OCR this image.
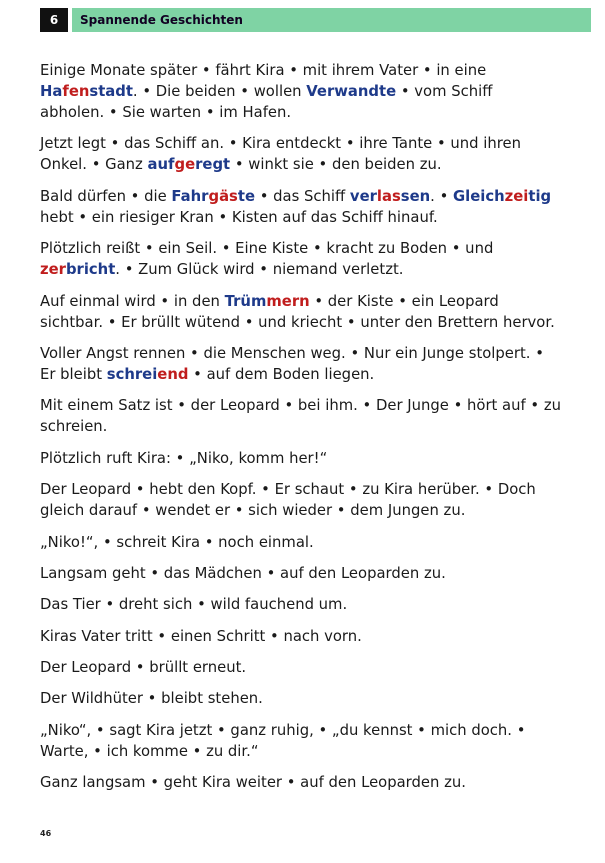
6	Spannende Geschichten

Einige Monate später • fährt Kira • mit ihrem Vater • in eine
Hafenstadt. • Die beiden • wollen Verwandte • vom Schiff
abholen. • Sie warten • im Hafen.

Jetzt legt • das Schiff an. • Kira entdeckt • ihre Tante • und ihren
Onkel. • Ganz aufgeregt • winkt sie • den beiden zu.

Bald dürfen • die Fahrgäste • das Schiff verlassen. • Gleichzeitig
hebt • ein riesiger Kran • Kisten auf das Schiff hinauf.

Plötzlich reißt • ein Seil. • Eine Kiste • kracht zu Boden • und
zerbricht. • Zum Glück wird • niemand verletzt.

Auf einmal wird • in den Trümmern • der Kiste • ein Leopard
sichtbar. • Er brüllt wütend • und kriecht • unter den Brettern hervor.

Voller Angst rennen • die Menschen weg. • Nur ein Junge stolpert. •
Er bleibt schreiend • auf dem Boden liegen.

Mit einem Satz ist • der Leopard • bei ihm. • Der Junge • hört auf • zu
schreien.

Plötzlich ruft Kira: • „Niko, komm her!“

Der Leopard • hebt den Kopf. • Er schaut • zu Kira herüber. • Doch
gleich darauf • wendet er • sich wieder • dem Jungen zu.

„Niko!“, • schreit Kira • noch einmal.

Langsam geht • das Mädchen • auf den Leoparden zu.

Das Tier • dreht sich • wild fauchend um.

Kiras Vater tritt • einen Schritt • nach vorn.

Der Leopard • brüllt erneut.

Der Wildhüter • bleibt stehen.

„Niko“, • sagt Kira jetzt • ganz ruhig, • „du kennst • mich doch. •
Warte, • ich komme • zu dir.“

Ganz langsam • geht Kira weiter • auf den Leoparden zu.

46
